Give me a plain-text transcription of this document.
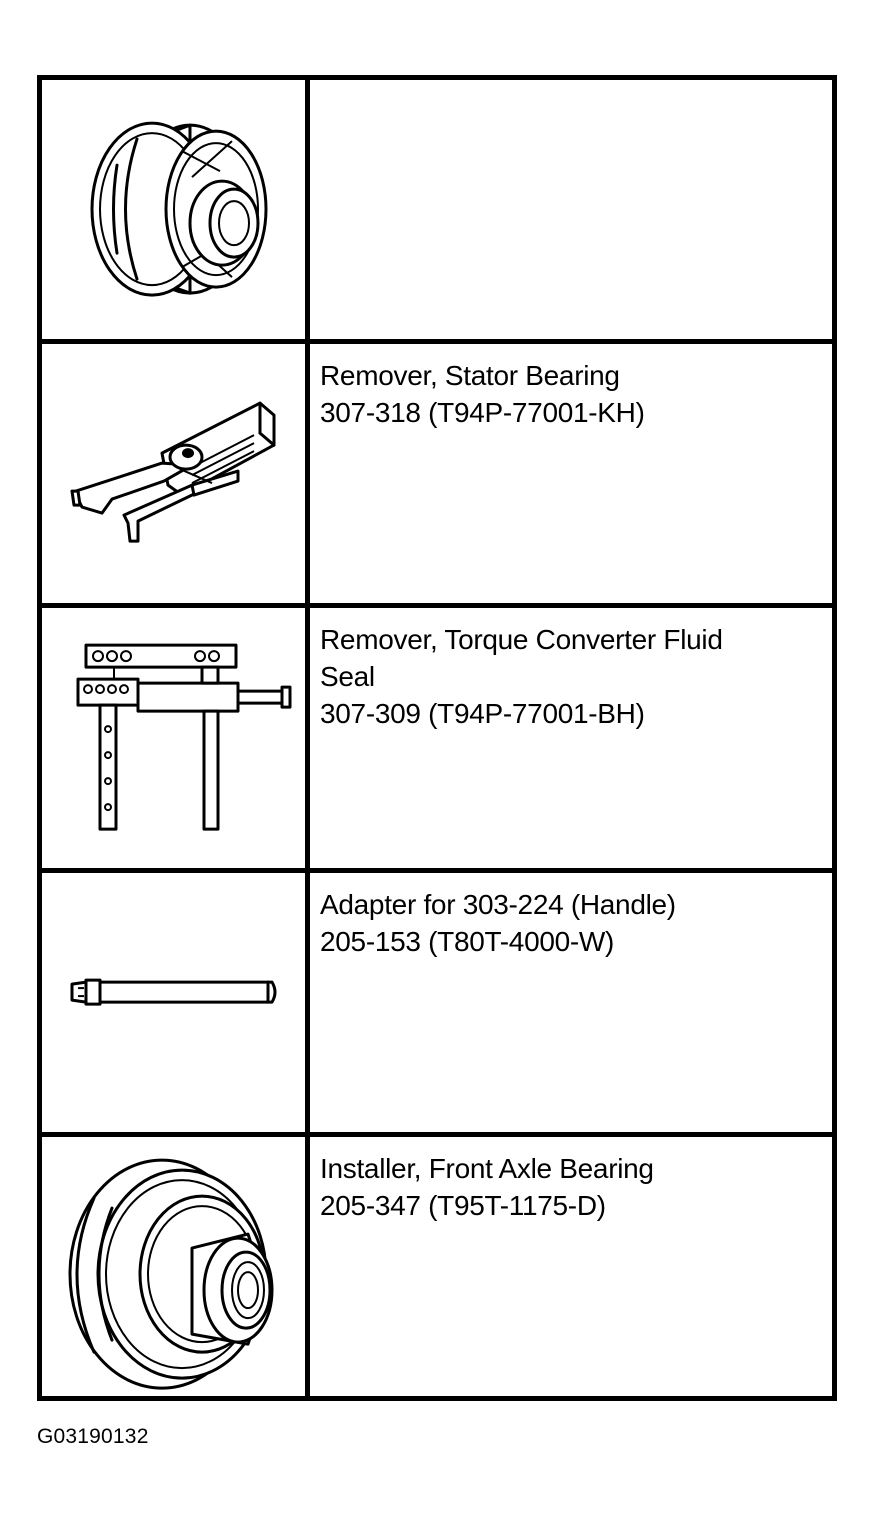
Remover, Stator Bearing
307-318 (T94P-77001-KH)
Remover, Torque Converter Fluid
Seal
307-309 (T94P-77001-BH)
Adapter for 303-224 (Handle)
205-153 (T80T-4000-W)
Installer, Front Axle Bearing
205-347 (T95T-1175-D)
G03190132
